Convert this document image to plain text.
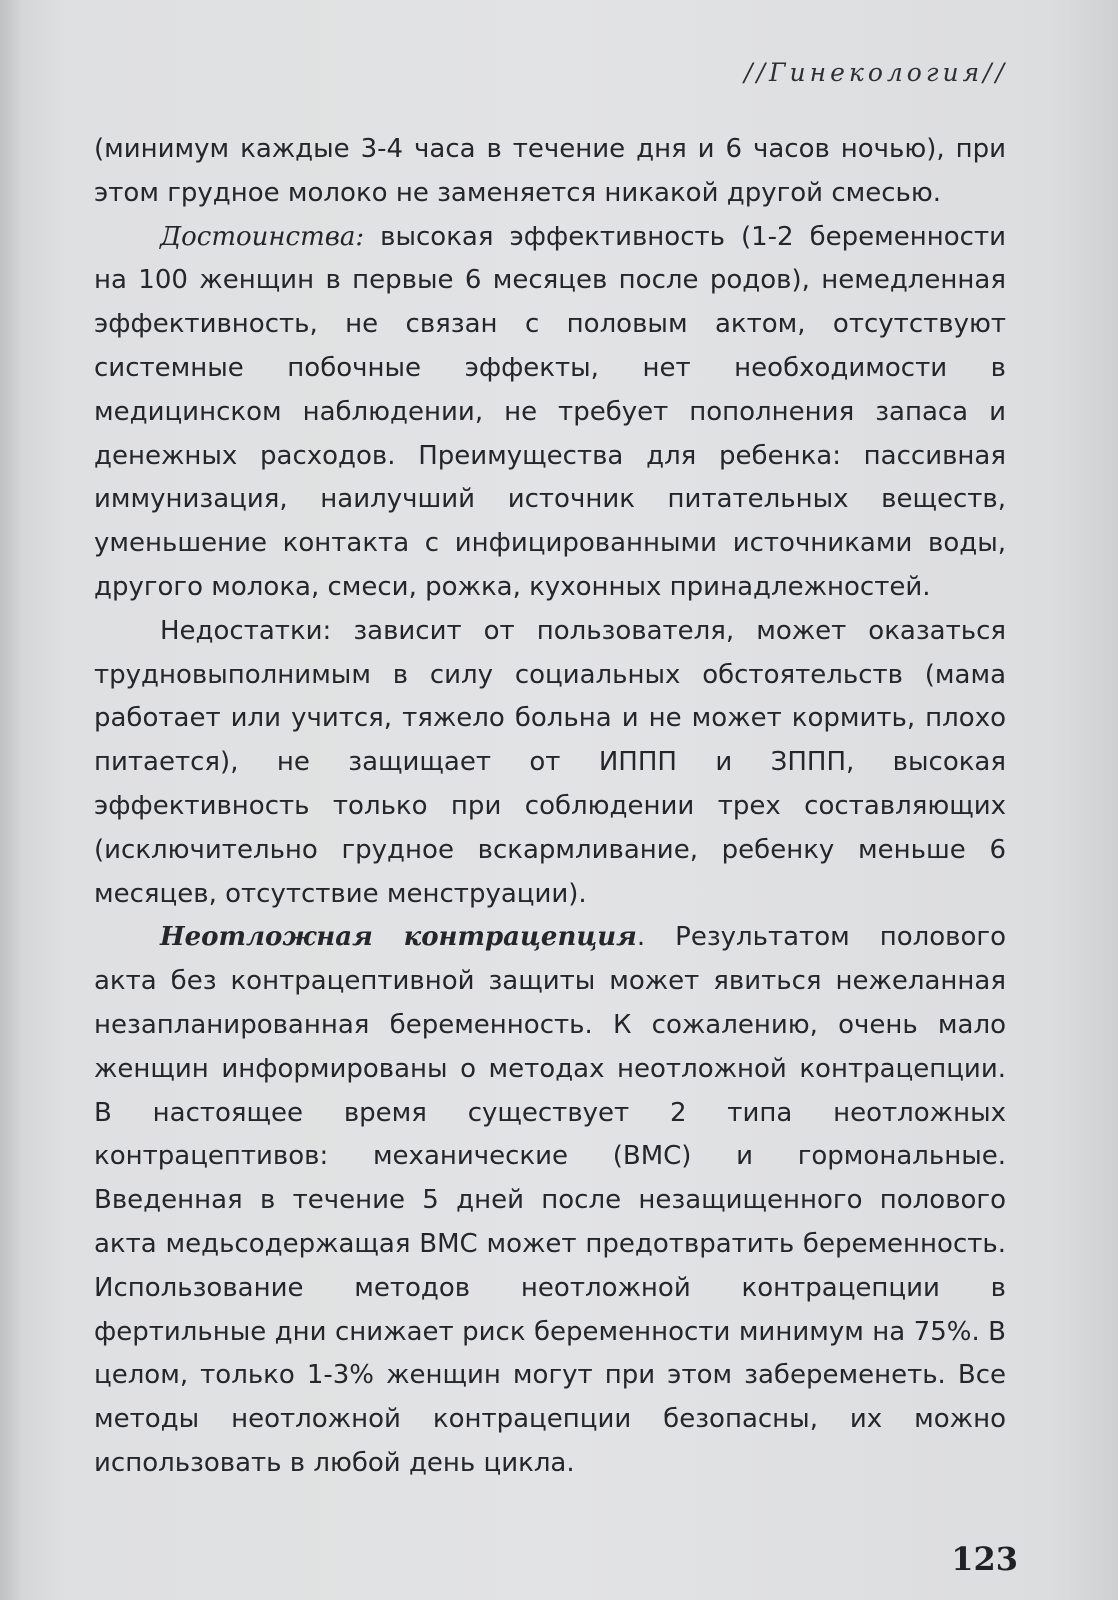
//Гинекология//

(минимум каждые 3-4 часа в течение дня и 6 часов ночью), при этом грудное молоко не заменяется никакой другой смесью.

Достоинства: высокая эффективность (1-2 беременности на 100 женщин в первые 6 месяцев после родов), немедленная эффективность, не связан с половым актом, отсутствуют системные побочные эффекты, нет необходимости в медицинском наблюдении, не требует пополнения запаса и денежных расходов. Преимущества для ребенка: пассивная иммунизация, наилучший источник питательных веществ, уменьшение контакта с инфицированными источниками воды, другого молока, смеси, рожка, кухонных принадлежностей.

Недостатки: зависит от пользователя, может оказаться трудновыполнимым в силу социальных обстоятельств (мама работает или учится, тяжело больна и не может кормить, плохо питается), не защищает от ИППП и ЗППП, высокая эффективность только при соблюдении трех составляющих (исключительно грудное вскармливание, ребенку меньше 6 месяцев, отсутствие менструации).

Неотложная контрацепция. Результатом полового акта без контрацептивной защиты может явиться нежеланная незапланированная беременность. К сожалению, очень мало женщин информированы о методах неотложной контрацепции. В настоящее время существует 2 типа неотложных контрацептивов: механические (ВМС) и гормональные. Введенная в течение 5 дней после незащищенного полового акта медьсодержащая ВМС может предотвратить беременность. Использование методов неотложной контрацепции в фертильные дни снижает риск беременности минимум на 75%. В целом, только 1-3% женщин могут при этом забеременеть. Все методы неотложной контрацепции безопасны, их можно использовать в любой день цикла.

123
